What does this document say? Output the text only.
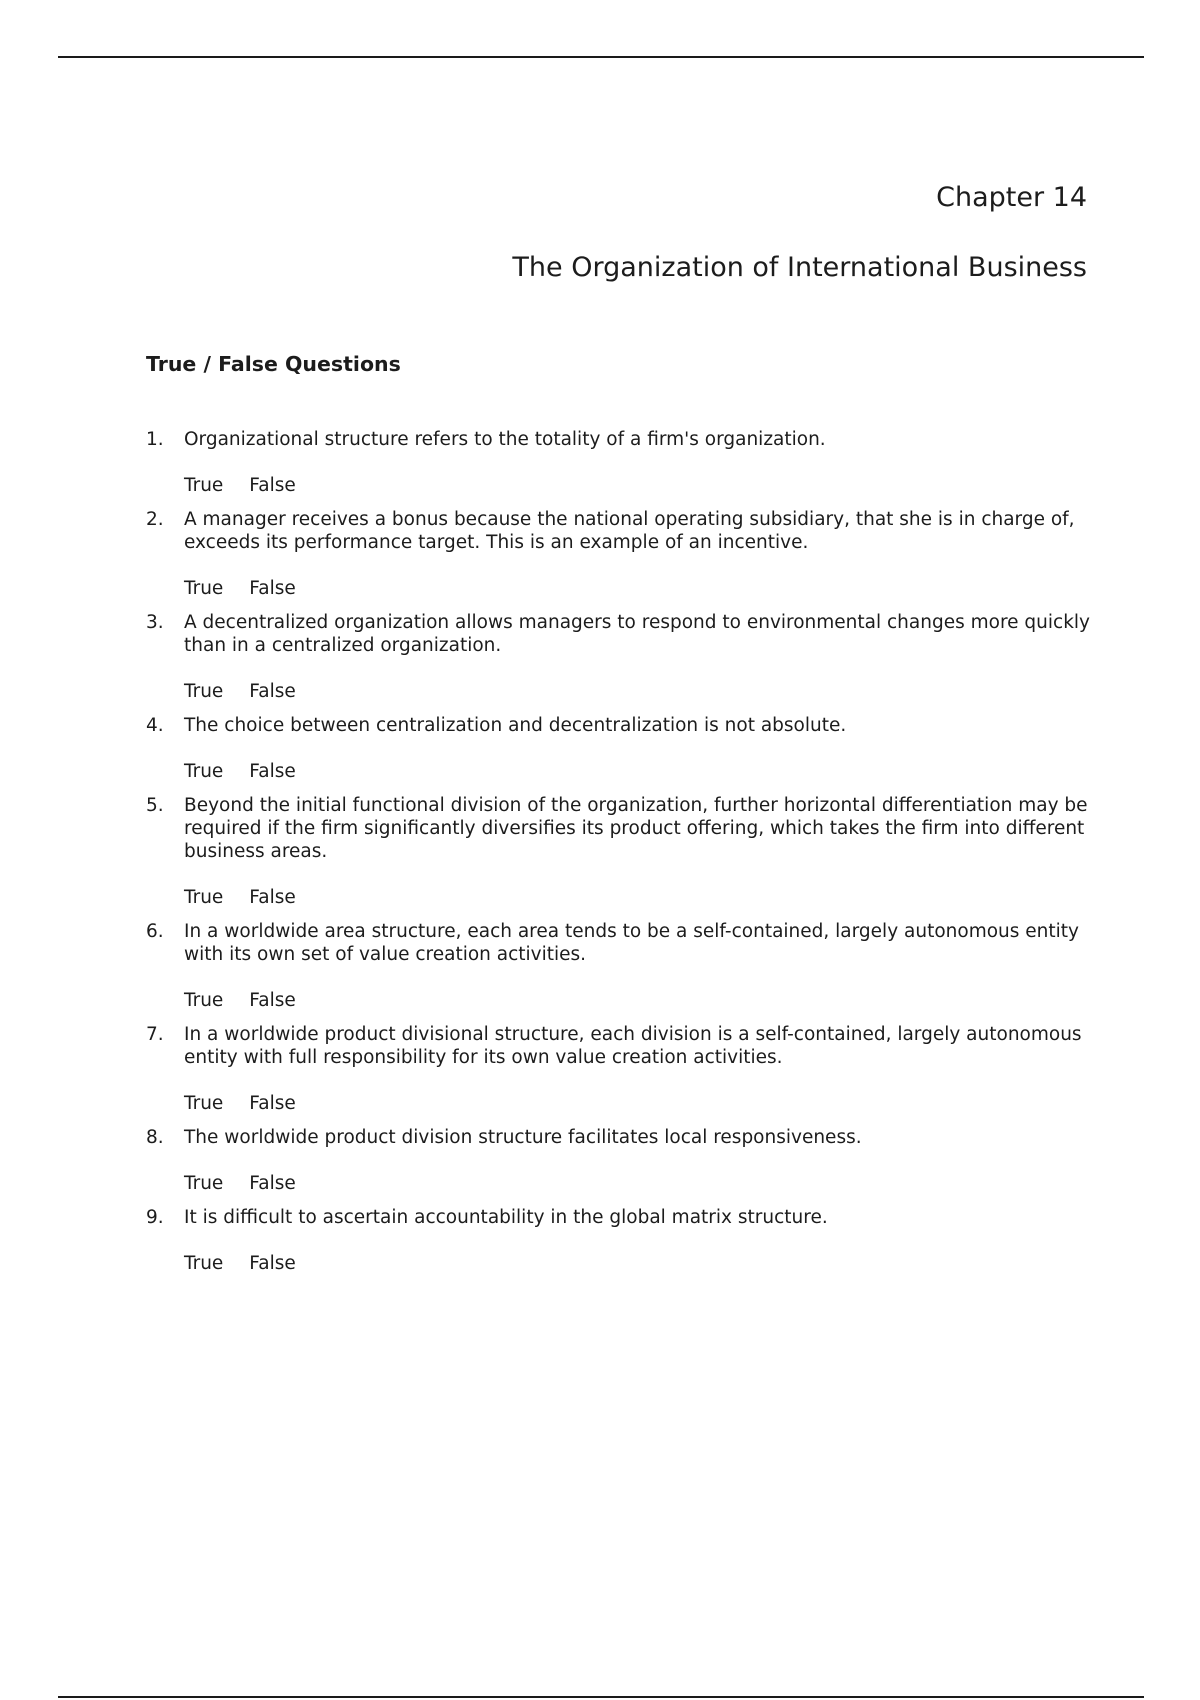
Chapter 14
The Organization of International Business
True / False Questions
1. Organizational structure refers to the totality of a firm's organization.

True False
2. A manager receives a bonus because the national operating subsidiary, that she is in charge of, exceeds its performance target. This is an example of an incentive.

True False
3. A decentralized organization allows managers to respond to environmental changes more quickly than in a centralized organization.

True False
4. The choice between centralization and decentralization is not absolute.

True False
5. Beyond the initial functional division of the organization, further horizontal differentiation may be required if the firm significantly diversifies its product offering, which takes the firm into different business areas.

True False
6. In a worldwide area structure, each area tends to be a self-contained, largely autonomous entity with its own set of value creation activities.

True False
7. In a worldwide product divisional structure, each division is a self-contained, largely autonomous entity with full responsibility for its own value creation activities.

True False
8. The worldwide product division structure facilitates local responsiveness.

True False
9. It is difficult to ascertain accountability in the global matrix structure.

True False
